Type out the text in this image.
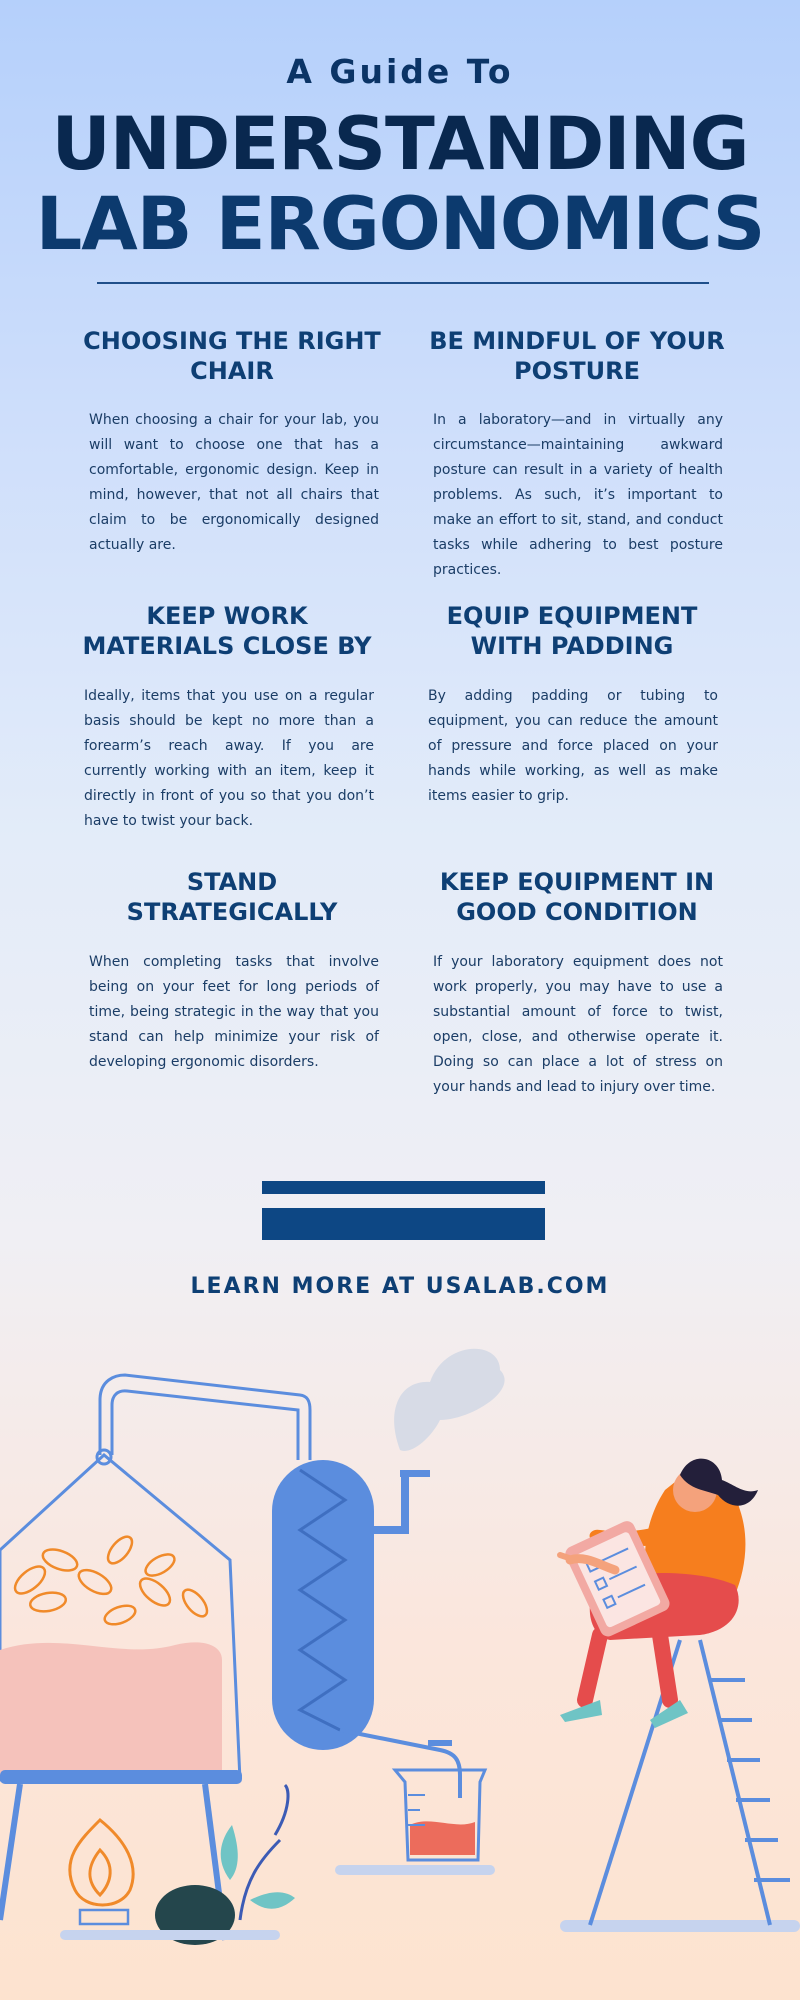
A Guide To
UNDERSTANDING
LAB ERGONOMICS
CHOOSING THE RIGHT
CHAIR
When choosing a chair for your lab, you will want to choose one that has a comfortable, ergonomic design. Keep in mind, however, that not all chairs that claim to be ergonomically designed actually are.
BE MINDFUL OF YOUR
POSTURE
In a laboratory—and in virtually any circumstance—maintaining awkward posture can result in a variety of health problems. As such, it’s important to make an effort to sit, stand, and conduct tasks while adhering to best posture practices.
KEEP WORK
MATERIALS CLOSE BY
Ideally, items that you use on a regular basis should be kept no more than a forearm’s reach away. If you are currently working with an item, keep it directly in front of you so that you don’t have to twist your back.
EQUIP EQUIPMENT
WITH PADDING
By adding padding or tubing to equipment, you can reduce the amount of pressure and force placed on your hands while working, as well as make items easier to grip.
STAND
STRATEGICALLY
When completing tasks that involve being on your feet for long periods of time, being strategic in the way that you stand can help minimize your risk of developing ergonomic disorders.
KEEP EQUIPMENT IN
GOOD CONDITION
If your laboratory equipment does not work properly, you may have to use a substantial amount of force to twist, open, close, and otherwise operate it. Doing so can place a lot of stress on your hands and lead to injury over time.
LEARN MORE AT USALAB.COM
